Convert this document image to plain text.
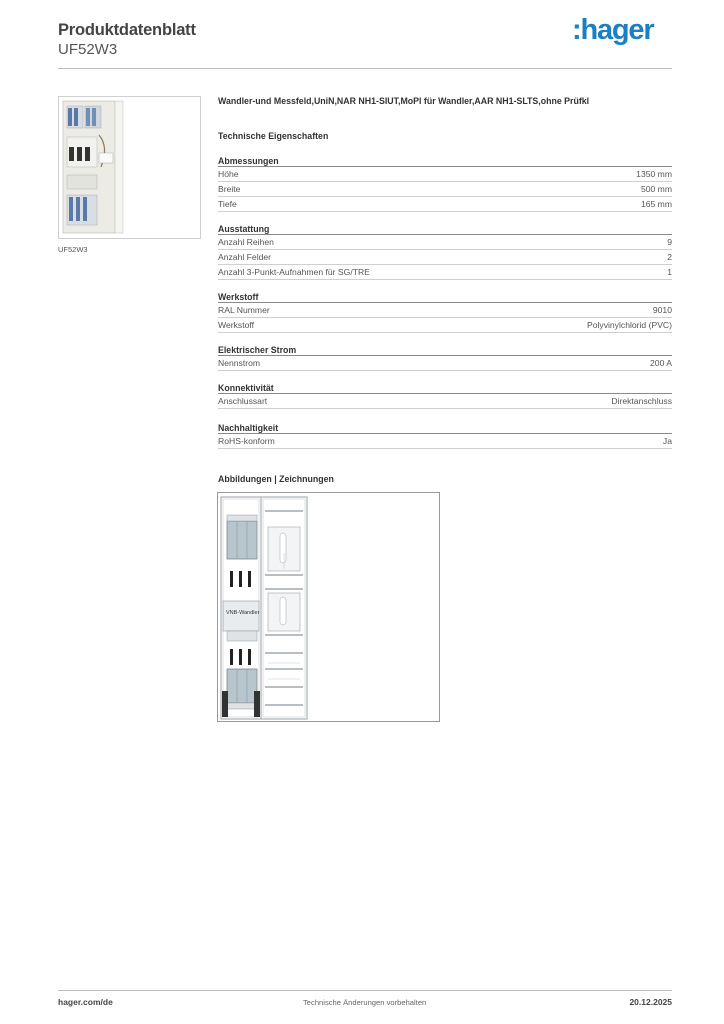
Produktdatenblatt
UF52W3
:hager
UF52W3
Wandler-und Messfeld,UniN,NAR NH1-SIUT,MoPl für Wandler,AAR NH1-SLTS,ohne Prüfkl
Technische Eigenschaften
Abmessungen
Höhe	1350 mm
Breite	500 mm
Tiefe	165 mm
Ausstattung
Anzahl Reihen	9
Anzahl Felder	2
Anzahl 3-Punkt-Aufnahmen für SG/TRE	1
Werkstoff
RAL Nummer	9010
Werkstoff	Polyvinylchlorid (PVC)
Elektrischer Strom
Nennstrom	200 A
Konnektivität
Anschlussart	Direktanschluss
Nachhaltigkeit
RoHS-konform	Ja
Abbildungen | Zeichnungen
VNB-Wandler
hager.com/de	Technische Änderungen vorbehalten	20.12.2025
